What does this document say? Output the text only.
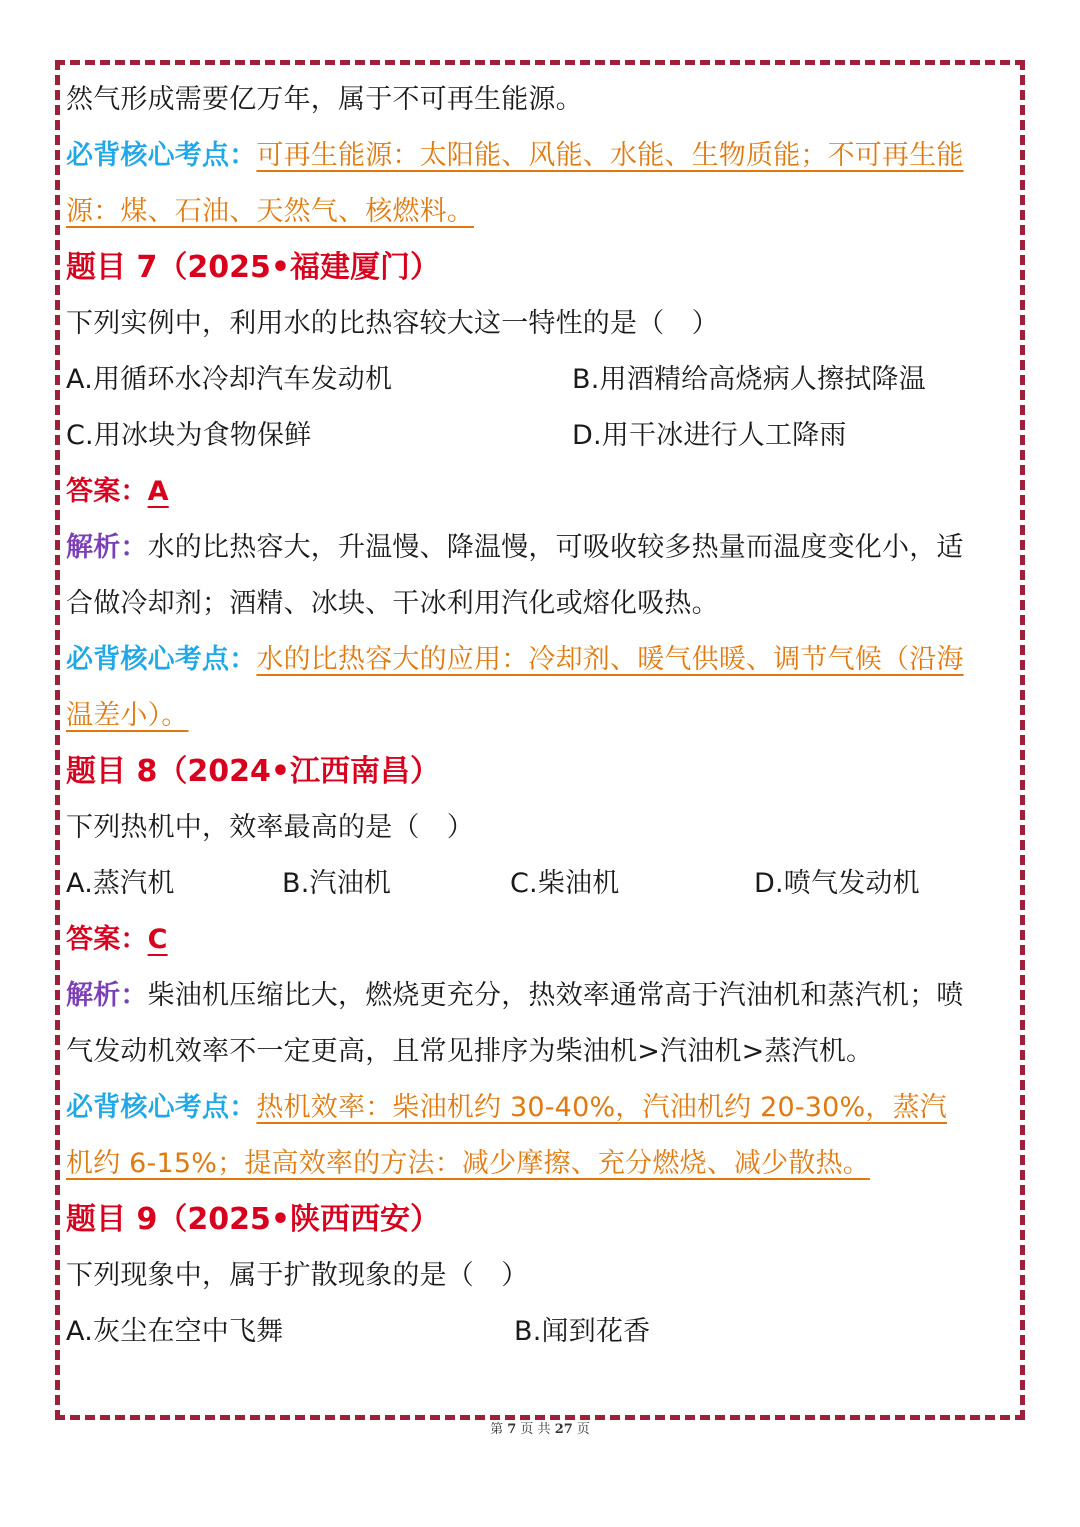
然气形成需要亿万年，属于不可再生能源。
必背核心考点：可再生能源：太阳能、风能、水能、生物质能；不可再生能
源：煤、石油、天然气、核燃料。
题目 7（2025•福建厦门）
下列实例中，利用水的比热容较大这一特性的是（　）
A.用循环水冷却汽车发动机	B.用酒精给高烧病人擦拭降温
C.用冰块为食物保鲜	D.用干冰进行人工降雨
答案：A
解析：水的比热容大，升温慢、降温慢，可吸收较多热量而温度变化小，适
合做冷却剂；酒精、冰块、干冰利用汽化或熔化吸热。
必背核心考点：水的比热容大的应用：冷却剂、暖气供暖、调节气候（沿海
温差小）。
题目 8（2024•江西南昌）
下列热机中，效率最高的是（　）
A.蒸汽机	B.汽油机	C.柴油机	D.喷气发动机
答案：C
解析：柴油机压缩比大，燃烧更充分，热效率通常高于汽油机和蒸汽机；喷
气发动机效率不一定更高，且常见排序为柴油机>汽油机>蒸汽机。
必背核心考点：热机效率：柴油机约 30-40%，汽油机约 20-30%，蒸汽
机约 6-15%；提高效率的方法：减少摩擦、充分燃烧、减少散热。
题目 9（2025•陕西西安）
下列现象中，属于扩散现象的是（　）
A.灰尘在空中飞舞	B.闻到花香
第 7 页 共 27 页
